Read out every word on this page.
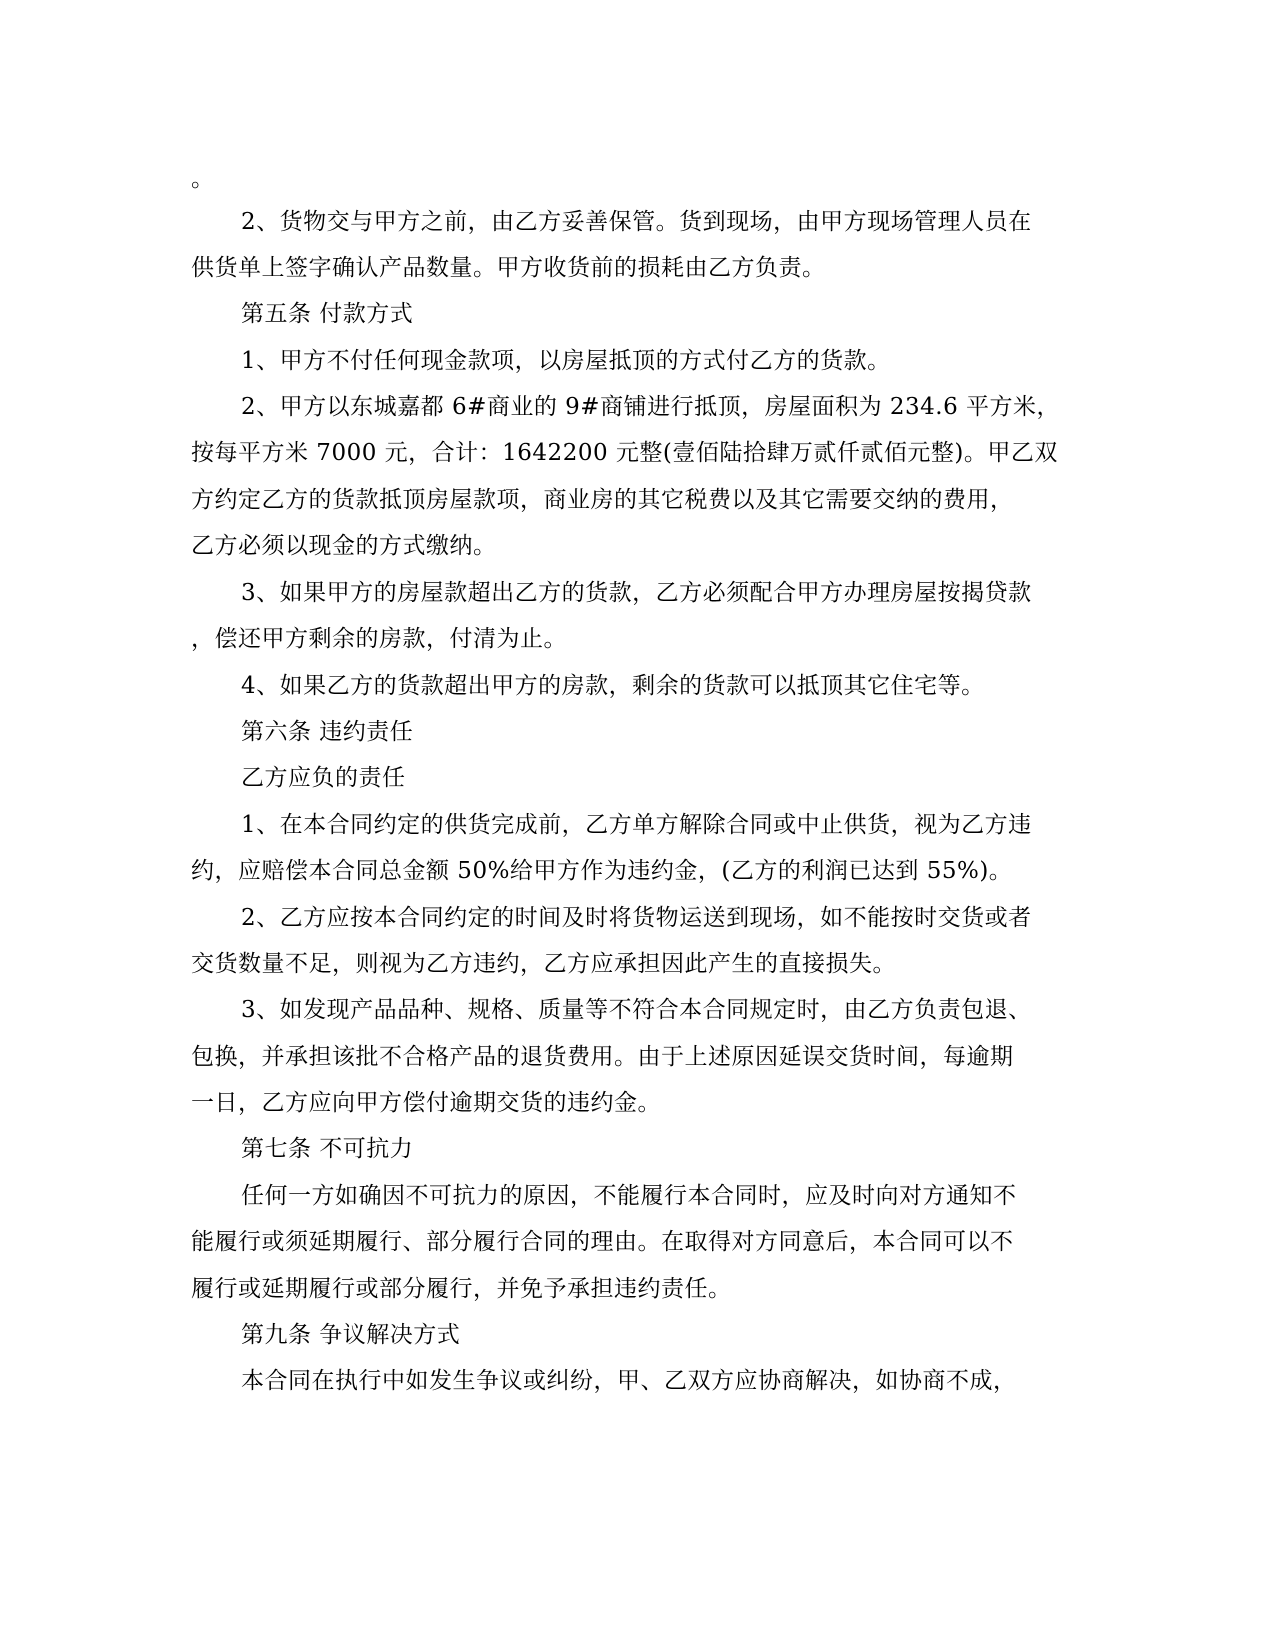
。
2、货物交与甲方之前，由乙方妥善保管。货到现场，由甲方现场管理人员在
供货单上签字确认产品数量。甲方收货前的损耗由乙方负责。
第五条 付款方式
1、甲方不付任何现金款项，以房屋抵顶的方式付乙方的货款。
2、甲方以东城嘉都 6#商业的 9#商铺进行抵顶，房屋面积为 234.6 平方米，
按每平方米 7000 元，合计：1642200 元整(壹佰陆拾肆万贰仟贰佰元整)。甲乙双
方约定乙方的货款抵顶房屋款项，商业房的其它税费以及其它需要交纳的费用，
乙方必须以现金的方式缴纳。
3、如果甲方的房屋款超出乙方的货款，乙方必须配合甲方办理房屋按揭贷款
，偿还甲方剩余的房款，付清为止。
4、如果乙方的货款超出甲方的房款，剩余的货款可以抵顶其它住宅等。
第六条 违约责任
乙方应负的责任
1、在本合同约定的供货完成前，乙方单方解除合同或中止供货，视为乙方违
约，应赔偿本合同总金额 50%给甲方作为违约金，(乙方的利润已达到 55%)。
2、乙方应按本合同约定的时间及时将货物运送到现场，如不能按时交货或者
交货数量不足，则视为乙方违约，乙方应承担因此产生的直接损失。
3、如发现产品品种、规格、质量等不符合本合同规定时，由乙方负责包退、
包换，并承担该批不合格产品的退货费用。由于上述原因延误交货时间，每逾期
一日，乙方应向甲方偿付逾期交货的违约金。
第七条 不可抗力
任何一方如确因不可抗力的原因，不能履行本合同时，应及时向对方通知不
能履行或须延期履行、部分履行合同的理由。在取得对方同意后，本合同可以不
履行或延期履行或部分履行，并免予承担违约责任。
第九条 争议解决方式
本合同在执行中如发生争议或纠纷，甲、乙双方应协商解决，如协商不成，
